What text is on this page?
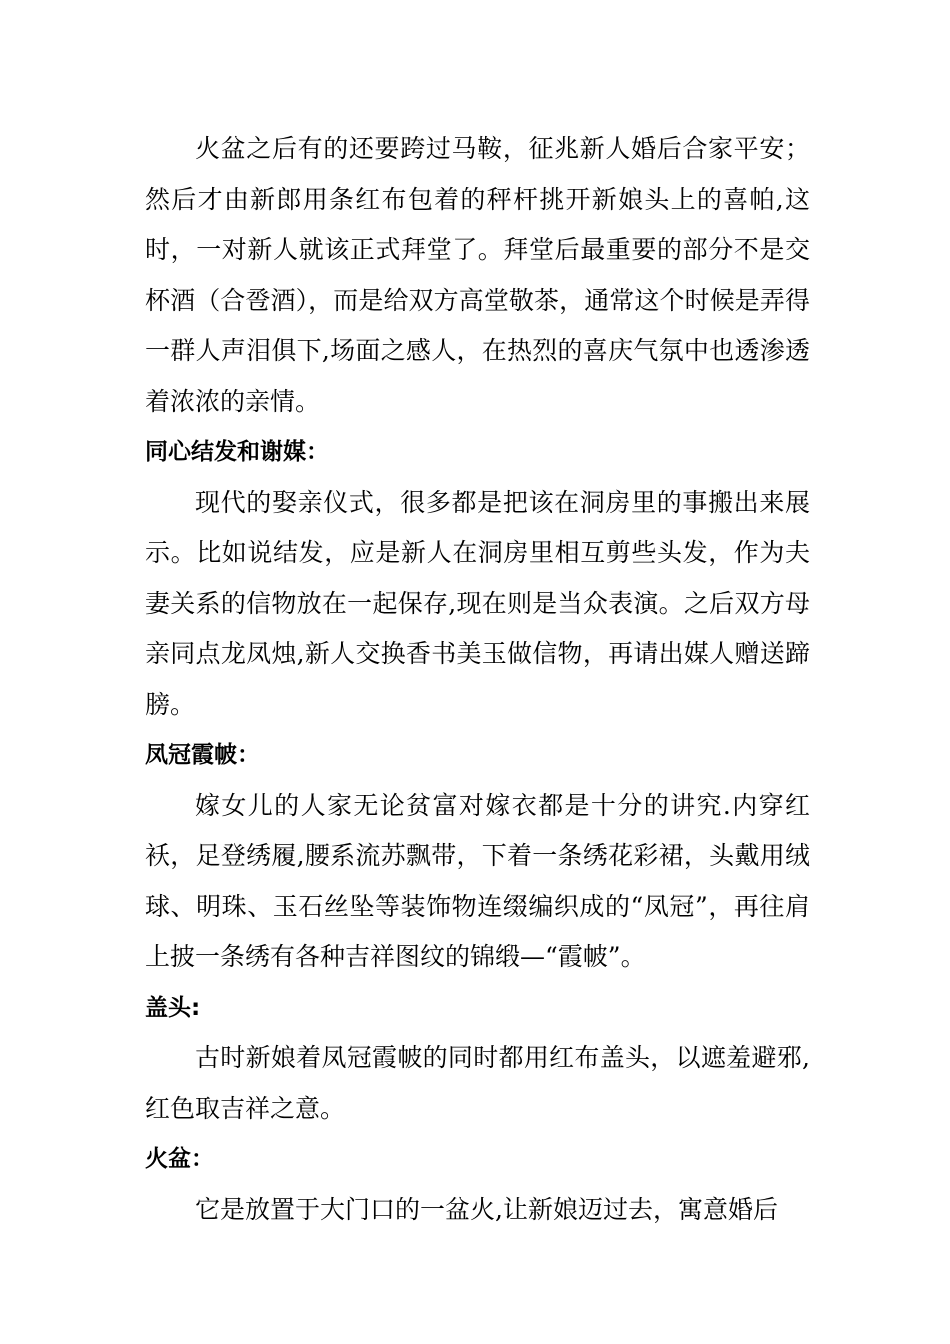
火盆之后有的还要跨过马鞍，征兆新人婚后合家平安；然后才由新郎用条红布包着的秤杆挑开新娘头上的喜帕,这时，一对新人就该正式拜堂了。拜堂后最重要的部分不是交杯酒（合卺酒），而是给双方高堂敬茶，通常这个时候是弄得一群人声泪俱下,场面之感人，在热烈的喜庆气氛中也透渗透着浓浓的亲情。

同心结发和谢媒：

现代的娶亲仪式，很多都是把该在洞房里的事搬出来展示。比如说结发，应是新人在洞房里相互剪些头发，作为夫妻关系的信物放在一起保存,现在则是当众表演。之后双方母亲同点龙凤烛,新人交换香书美玉做信物，再请出媒人赠送蹄膀。

凤冠霞帔：

嫁女儿的人家无论贫富对嫁衣都是十分的讲究.内穿红袄，足登绣履,腰系流苏飘带，下着一条绣花彩裙，头戴用绒球、明珠、玉石丝坠等装饰物连缀编织成的“凤冠”，再往肩上披一条绣有各种吉祥图纹的锦缎—“霞帔”。

盖头:

古时新娘着凤冠霞帔的同时都用红布盖头，以遮羞避邪,红色取吉祥之意。

火盆：

它是放置于大门口的一盆火,让新娘迈过去，寓意婚后
